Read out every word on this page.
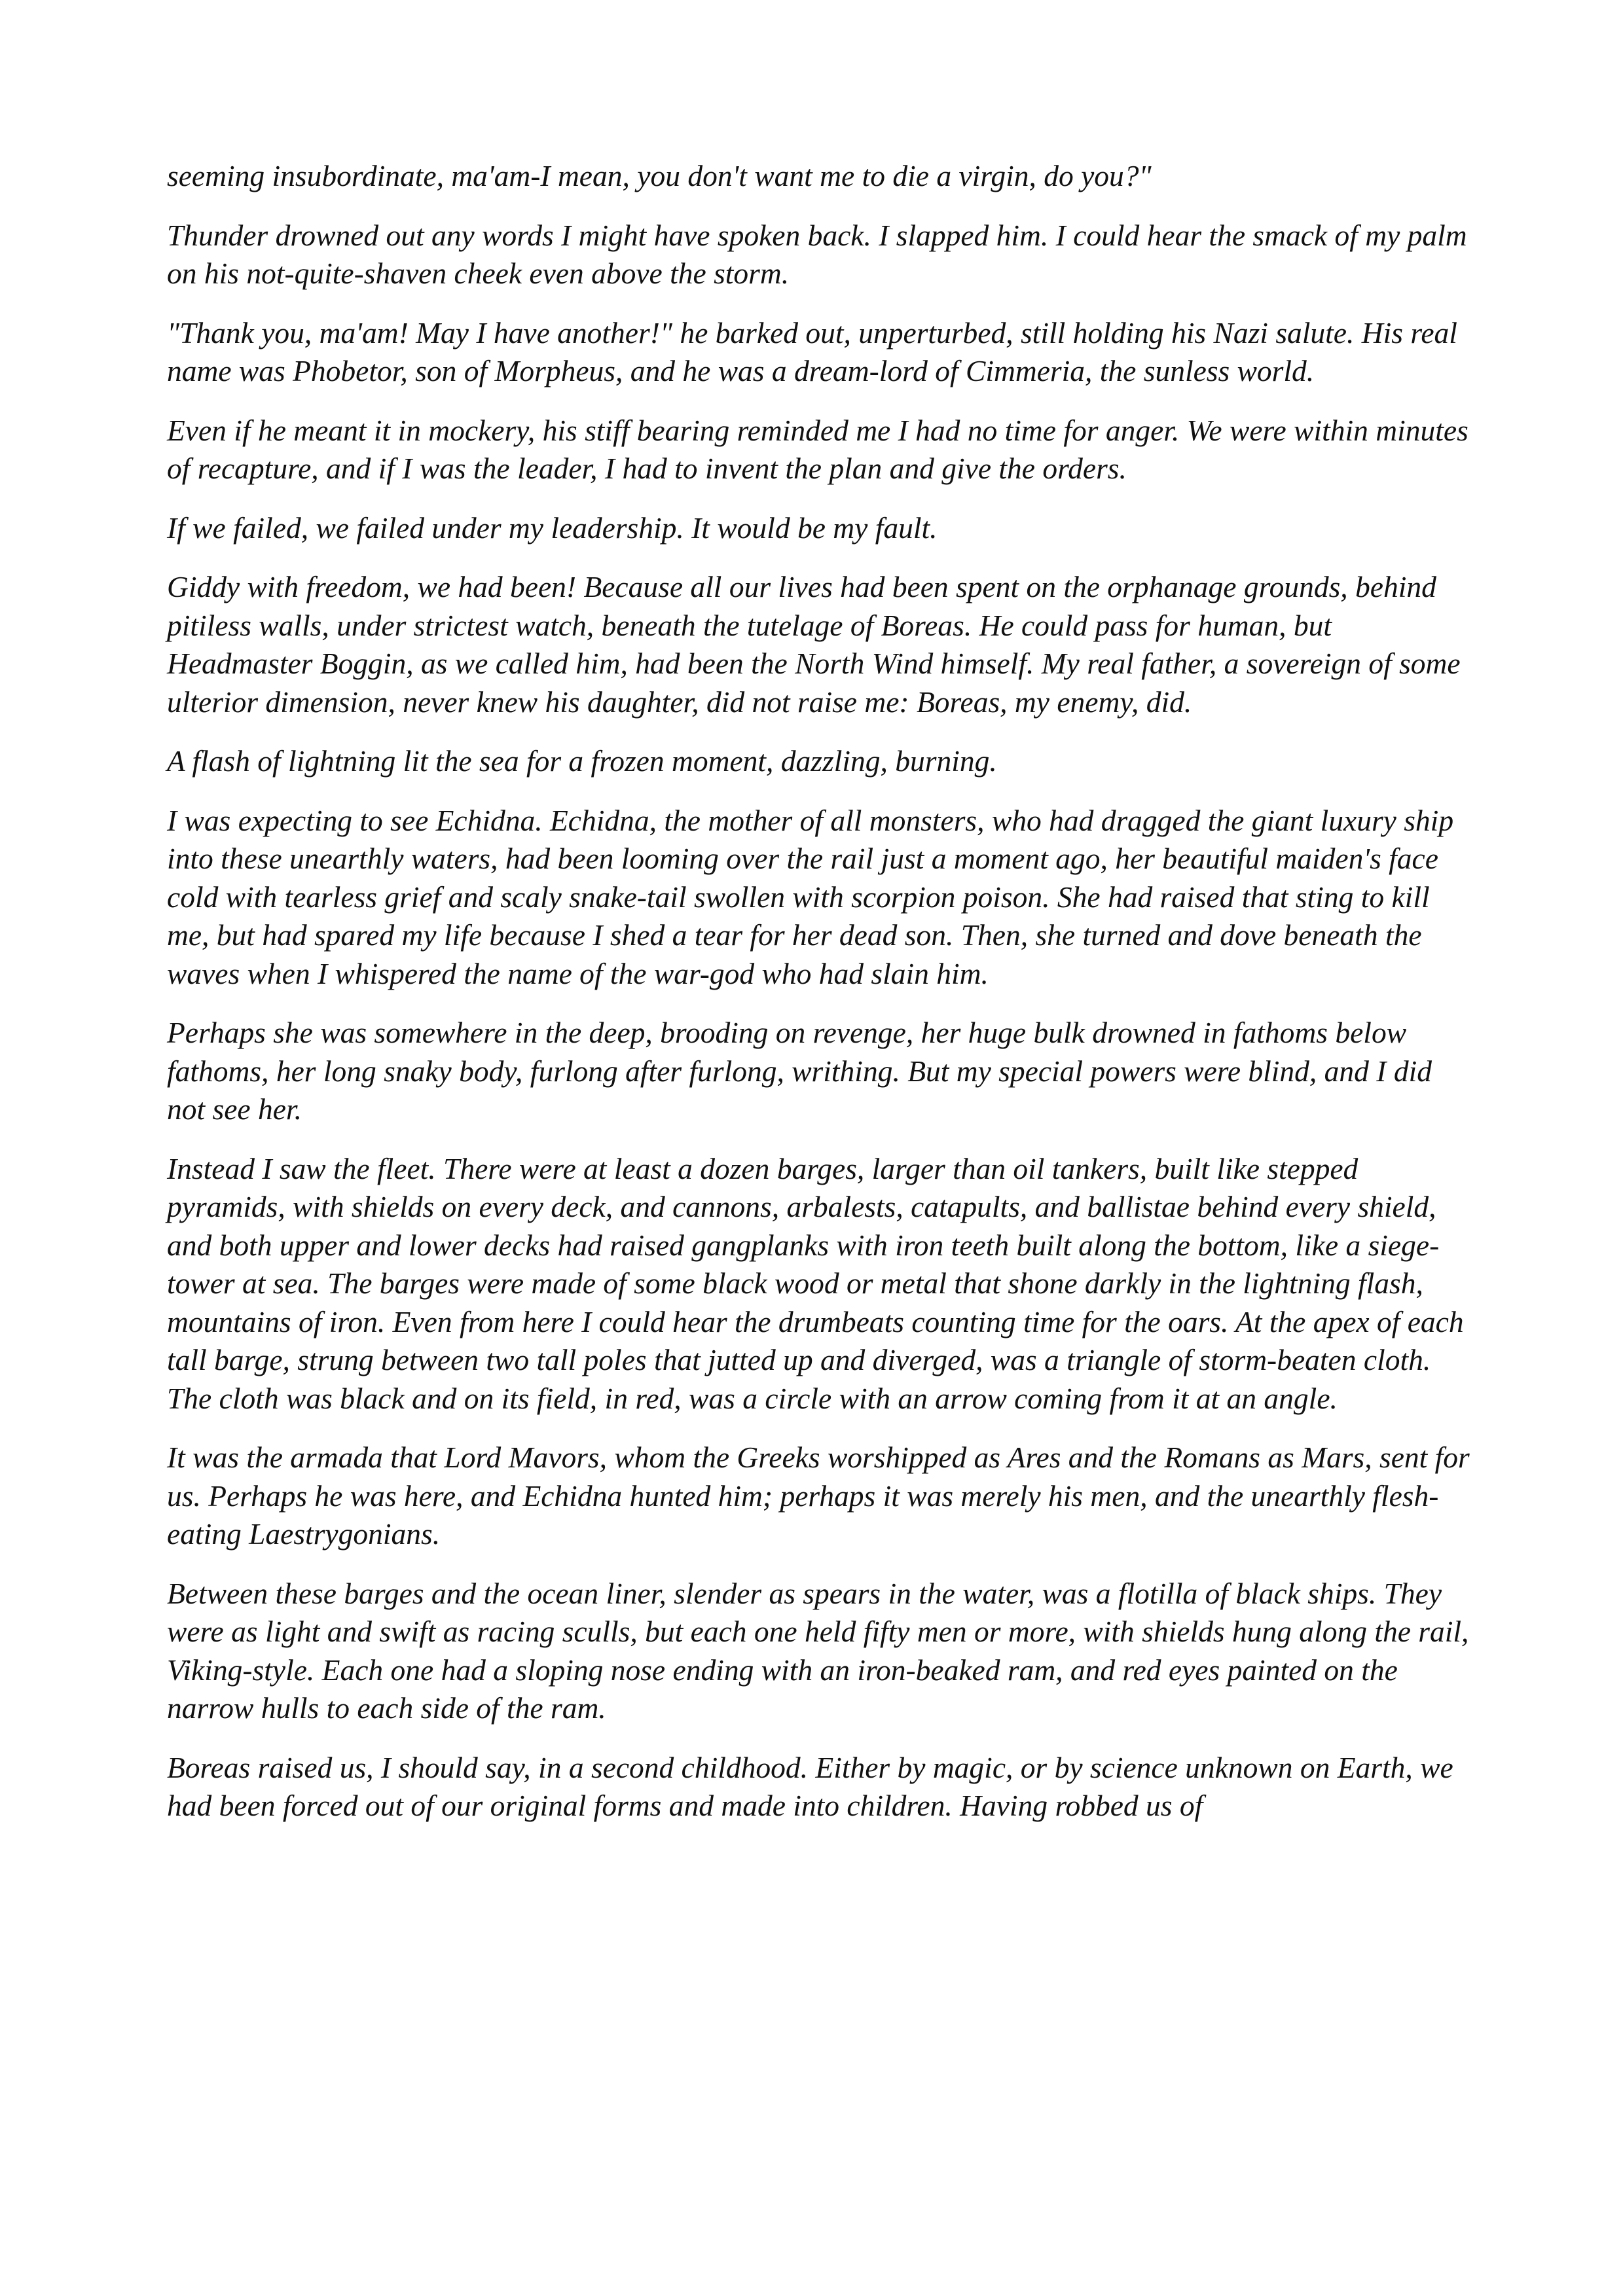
seeming insubordinate, ma'am-I mean, you don't want me to die a virgin, do you?"

Thunder drowned out any words I might have spoken back. I slapped him. I could hear the smack of my palm on his not-quite-shaven cheek even above the storm.

"Thank you, ma'am! May I have another!" he barked out, unperturbed, still holding his Nazi salute. His real name was Phobetor, son of Morpheus, and he was a dream-lord of Cimmeria, the sunless world.

Even if he meant it in mockery, his stiff bearing reminded me I had no time for anger. We were within minutes of recapture, and if I was the leader, I had to invent the plan and give the orders.

If we failed, we failed under my leadership. It would be my fault.

Giddy with freedom, we had been! Because all our lives had been spent on the orphanage grounds, behind pitiless walls, under strictest watch, beneath the tutelage of Boreas. He could pass for human, but Headmaster Boggin, as we called him, had been the North Wind himself. My real father, a sovereign of some ulterior dimension, never knew his daughter, did not raise me: Boreas, my enemy, did.

A flash of lightning lit the sea for a frozen moment, dazzling, burning.

I was expecting to see Echidna. Echidna, the mother of all monsters, who had dragged the giant luxury ship into these unearthly waters, had been looming over the rail just a moment ago, her beautiful maiden's face cold with tearless grief and scaly snake-tail swollen with scorpion poison. She had raised that sting to kill me, but had spared my life because I shed a tear for her dead son. Then, she turned and dove beneath the waves when I whispered the name of the war-god who had slain him.

Perhaps she was somewhere in the deep, brooding on revenge, her huge bulk drowned in fathoms below fathoms, her long snaky body, furlong after furlong, writhing. But my special powers were blind, and I did not see her.

Instead I saw the fleet. There were at least a dozen barges, larger than oil tankers, built like stepped pyramids, with shields on every deck, and cannons, arbalests, catapults, and ballistae behind every shield, and both upper and lower decks had raised gangplanks with iron teeth built along the bottom, like a siege-tower at sea. The barges were made of some black wood or metal that shone darkly in the lightning flash, mountains of iron. Even from here I could hear the drumbeats counting time for the oars. At the apex of each tall barge, strung between two tall poles that jutted up and diverged, was a triangle of storm-beaten cloth. The cloth was black and on its field, in red, was a circle with an arrow coming from it at an angle.

It was the armada that Lord Mavors, whom the Greeks worshipped as Ares and the Romans as Mars, sent for us. Perhaps he was here, and Echidna hunted him; perhaps it was merely his men, and the unearthly flesh-eating Laestrygonians.

Between these barges and the ocean liner, slender as spears in the water, was a flotilla of black ships. They were as light and swift as racing sculls, but each one held fifty men or more, with shields hung along the rail, Viking-style. Each one had a sloping nose ending with an iron-beaked ram, and red eyes painted on the narrow hulls to each side of the ram.

Boreas raised us, I should say, in a second childhood. Either by magic, or by science unknown on Earth, we had been forced out of our original forms and made into children. Having robbed us of
